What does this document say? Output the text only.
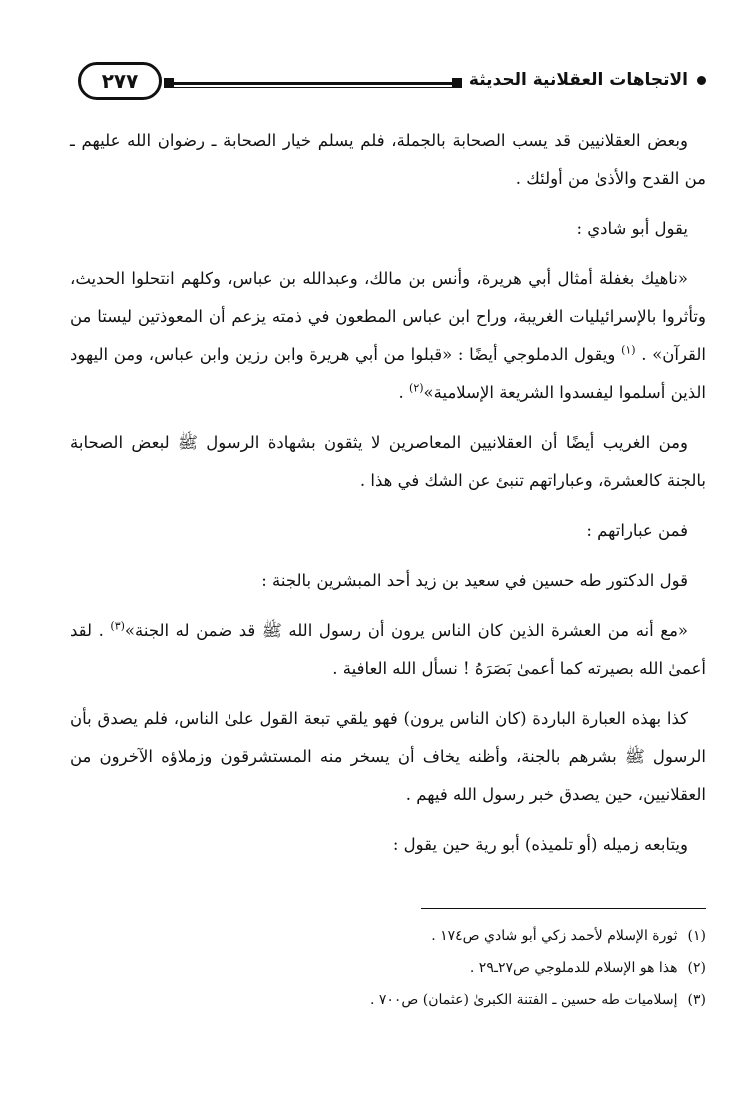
الاتجاهات العقلانية الحديثة
٢٧٧

وبعض العقلانيين قد يسب الصحابة بالجملة، فلم يسلم خيار الصحابة ـ رضوان الله عليهم ـ من القدح والأذىٰ من أولئك .

يقول أبو شادي :

«ناهيك بغفلة أمثال أبي هريرة، وأنس بن مالك، وعبدالله بن عباس، وكلهم انتحلوا الحديث، وتأثروا بالإسرائيليات الغريبة، وراح ابن عباس المطعون في ذمته يزعم أن المعوذتين ليستا من القرآن» . $^{(١)}$ ويقول الدملوجي أيضًا : «قبلوا من أبي هريرة وابن رزين وابن عباس، ومن اليهود الذين أسلموا ليفسدوا الشريعة الإسلامية»$^{(٢)}$ .

ومن الغريب أيضًا أن العقلانيين المعاصرين لا يثقون بشهادة الرسول ﷺ لبعض الصحابة بالجنة كالعشرة، وعباراتهم تنبئ عن الشك في هذا .

فمن عباراتهم :

قول الدكتور طه حسين في سعيد بن زيد أحد المبشرين بالجنة :

«مع أنه من العشرة الذين كان الناس يرون أن رسول الله ﷺ قد ضمن له الجنة»$^{(٣)}$ . لقد أعمىٰ الله بصيرته كما أعمىٰ بَصَرَهُ ! نسأل الله العافية .

كذا بهذه العبارة الباردة (كان الناس يرون) فهو يلقي تبعة القول علىٰ الناس، فلم يصدق بأن الرسول ﷺ بشرهم بالجنة، وأظنه يخاف أن يسخر منه المستشرقون وزملاؤه الآخرون من العقلانيين، حين يصدق خبر رسول الله فيهم .

ويتابعه زميله (أو تلميذه) أبو رية حين يقول :

(١)ثورة الإسلام لأحمد زكي أبو شادي ص١٧٤ .
(٢)هذا هو الإسلام للدملوجي ص٢٧ـ٢٩ .
(٣)إسلاميات طه حسين ـ الفتنة الكبرىٰ (عثمان) ص٧٠٠ .
